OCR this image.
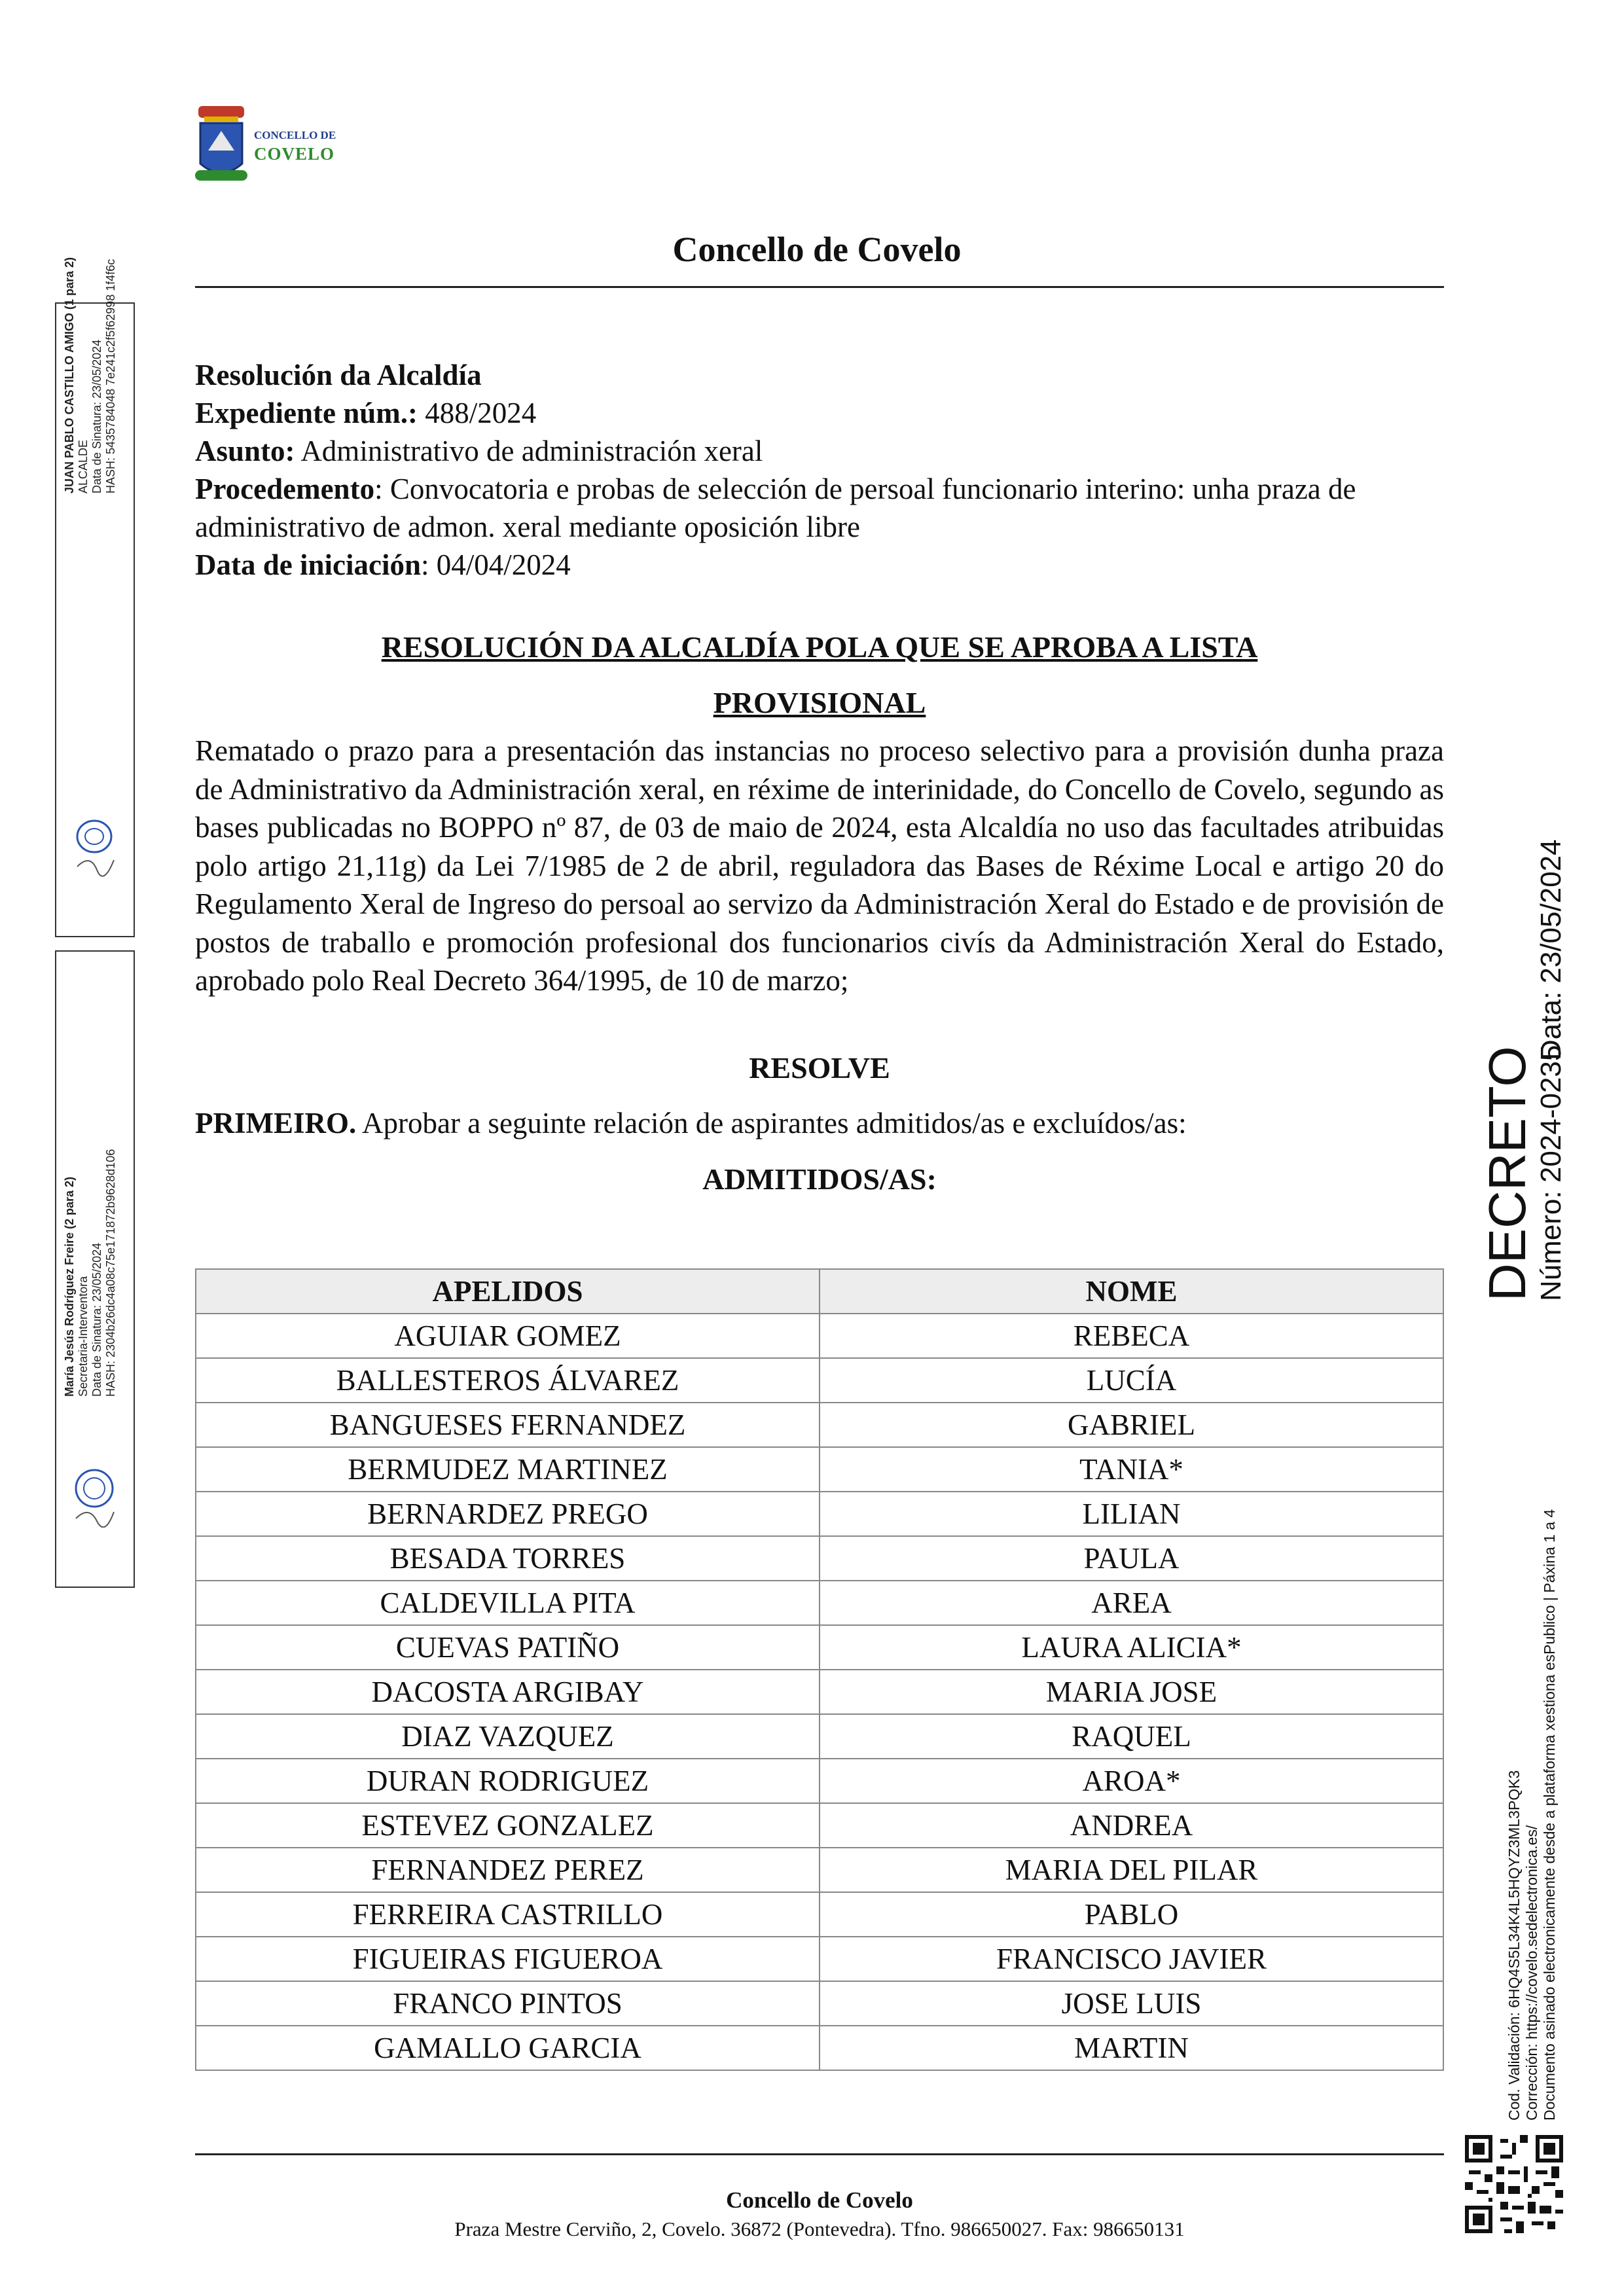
CONCELLO DE
COVELO
Concello de Covelo
Resolución da Alcaldía
Expediente núm.: 488/2024
Asunto: Administrativo de administración xeral
Procedemento: Convocatoria e probas de selección de persoal funcionario interino: unha praza de administrativo de admon. xeral mediante oposición libre
Data de iniciación: 04/04/2024
RESOLUCIÓN DA ALCALDÍA POLA QUE SE APROBA A LISTA
PROVISIONAL
Rematado o prazo para a presentación das instancias no proceso selectivo para a provisión dunha praza de Administrativo da Administración xeral, en réxime de interinidade, do Concello de Covelo, segundo as bases publicadas no BOPPO nº 87, de 03 de maio de 2024, esta Alcaldía no uso das facultades atribuidas polo artigo 21,11g) da Lei 7/1985 de 2 de abril, reguladora das Bases de Réxime Local e artigo 20 do Regulamento Xeral de Ingreso do persoal ao servizo da Administración Xeral do Estado e de provisión de postos de traballo e promoción profesional dos funcionarios civís da Administración Xeral do Estado, aprobado polo Real Decreto 364/1995, de 10 de marzo;
RESOLVE
PRIMEIRO. Aprobar a seguinte relación de aspirantes admitidos/as e excluídos/as:
ADMITIDOS/AS:
APELIDOS	NOME
AGUIAR GOMEZ	REBECA
BALLESTEROS ÁLVAREZ	LUCÍA
BANGUESES FERNANDEZ	GABRIEL
BERMUDEZ MARTINEZ	TANIA*
BERNARDEZ PREGO	LILIAN
BESADA TORRES	PAULA
CALDEVILLA PITA	AREA
CUEVAS PATIÑO	LAURA ALICIA*
DACOSTA ARGIBAY	MARIA JOSE
DIAZ VAZQUEZ	RAQUEL
DURAN RODRIGUEZ	AROA*
ESTEVEZ GONZALEZ	ANDREA
FERNANDEZ PEREZ	MARIA DEL PILAR
FERREIRA CASTRILLO	PABLO
FIGUEIRAS FIGUEROA	FRANCISCO JAVIER
FRANCO PINTOS	JOSE LUIS
GAMALLO GARCIA	MARTIN
Concello de Covelo
Praza Mestre Cerviño, 2, Covelo. 36872 (Pontevedra). Tfno. 986650027. Fax: 986650131
JUAN PABLO CASTILLO AMIGO (1 para 2) ALCALDE Data de Sinatura: 23/05/2024 HASH: 5435784048 7e241c2f5f62998 1f4f6c
María Jesús Rodríguez Freire (2 para 2) Secretaria-Interventora Data de Sinatura: 23/05/2024 HASH: 2304b26dc4a08c75e171872b9628d106	DECRETO
Número: 2024-0235
Data: 23/05/2024
Cod. Validación: 6HQ4S5L34K4L5HQYZ3ML3PQK3 Corrección: https://covelo.sedelectronica.es/ Documento asinado electronicamente desde a plataforma xestiona esPublico | Páxina 1 a 4
